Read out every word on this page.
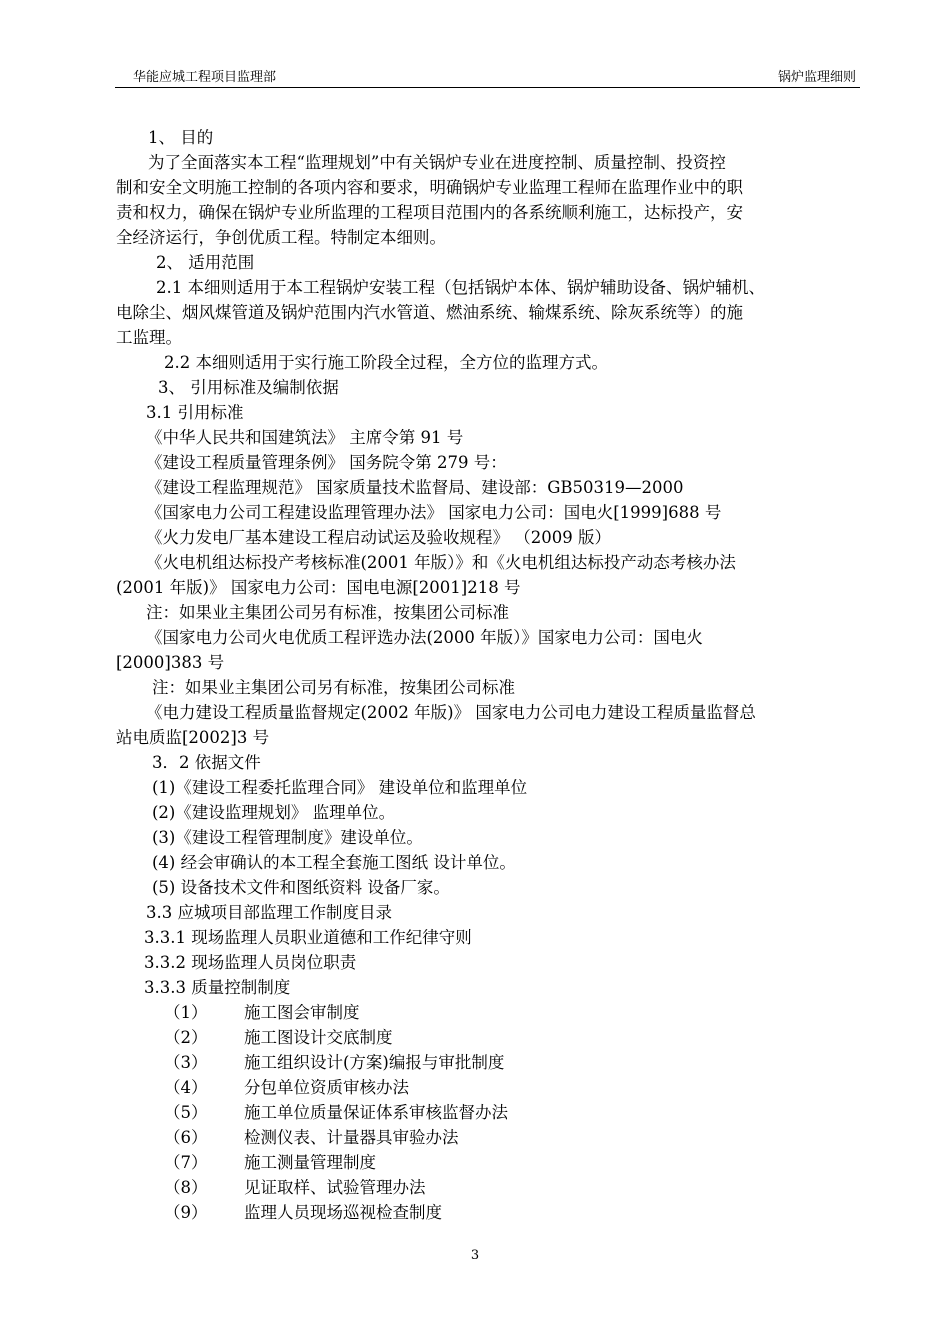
华能应城工程项目监理部	锅炉监理细则

1、 目的

为了全面落实本工程“监理规划”中有关锅炉专业在进度控制、质量控制、投资控

制和安全文明施工控制的各项内容和要求，明确锅炉专业监理工程师在监理作业中的职

责和权力，确保在锅炉专业所监理的工程项目范围内的各系统顺利施工，达标投产，安

全经济运行，争创优质工程。特制定本细则。

2、 适用范围

2.1 本细则适用于本工程锅炉安装工程（包括锅炉本体、锅炉辅助设备、锅炉辅机、

电除尘、烟风煤管道及锅炉范围内汽水管道、燃油系统、输煤系统、除灰系统等）的施

工监理。

2.2 本细则适用于实行施工阶段全过程，全方位的监理方式。

3、 引用标准及编制依据

3.1 引用标准

《中华人民共和国建筑法》 主席令第 91 号

《建设工程质量管理条例》 国务院令第 279 号：

《建设工程监理规范》 国家质量技术监督局、建设部：GB50319—2000

《国家电力公司工程建设监理管理办法》 国家电力公司：国电火[1999]688 号

《火力发电厂基本建设工程启动试运及验收规程》 （2009 版）

《火电机组达标投产考核标准(2001 年版）》和《火电机组达标投产动态考核办法

(2001 年版)》 国家电力公司：国电电源[2001]218 号

注：如果业主集团公司另有标准，按集团公司标准

《国家电力公司火电优质工程评选办法(2000 年版）》国家电力公司：国电火

[2000]383 号

注：如果业主集团公司另有标准，按集团公司标准

《电力建设工程质量监督规定(2002 年版)》 国家电力公司电力建设工程质量监督总

站电质监[2002]3 号

3．2 依据文件

(1)《建设工程委托监理合同》 建设单位和监理单位

(2)《建设监理规划》 监理单位。

(3)《建设工程管理制度》建设单位。

(4) 经会审确认的本工程全套施工图纸 设计单位。

(5) 设备技术文件和图纸资料 设备厂家。

3.3 应城项目部监理工作制度目录

3.3.1 现场监理人员职业道德和工作纪律守则

3.3.2 现场监理人员岗位职责

3.3.3 质量控制制度

（1） 施工图会审制度

（2） 施工图设计交底制度

（3） 施工组织设计(方案)编报与审批制度

（4） 分包单位资质审核办法

（5） 施工单位质量保证体系审核监督办法

（6） 检测仪表、计量器具审验办法

（7） 施工测量管理制度

（8） 见证取样、试验管理办法

（9） 监理人员现场巡视检查制度

3
